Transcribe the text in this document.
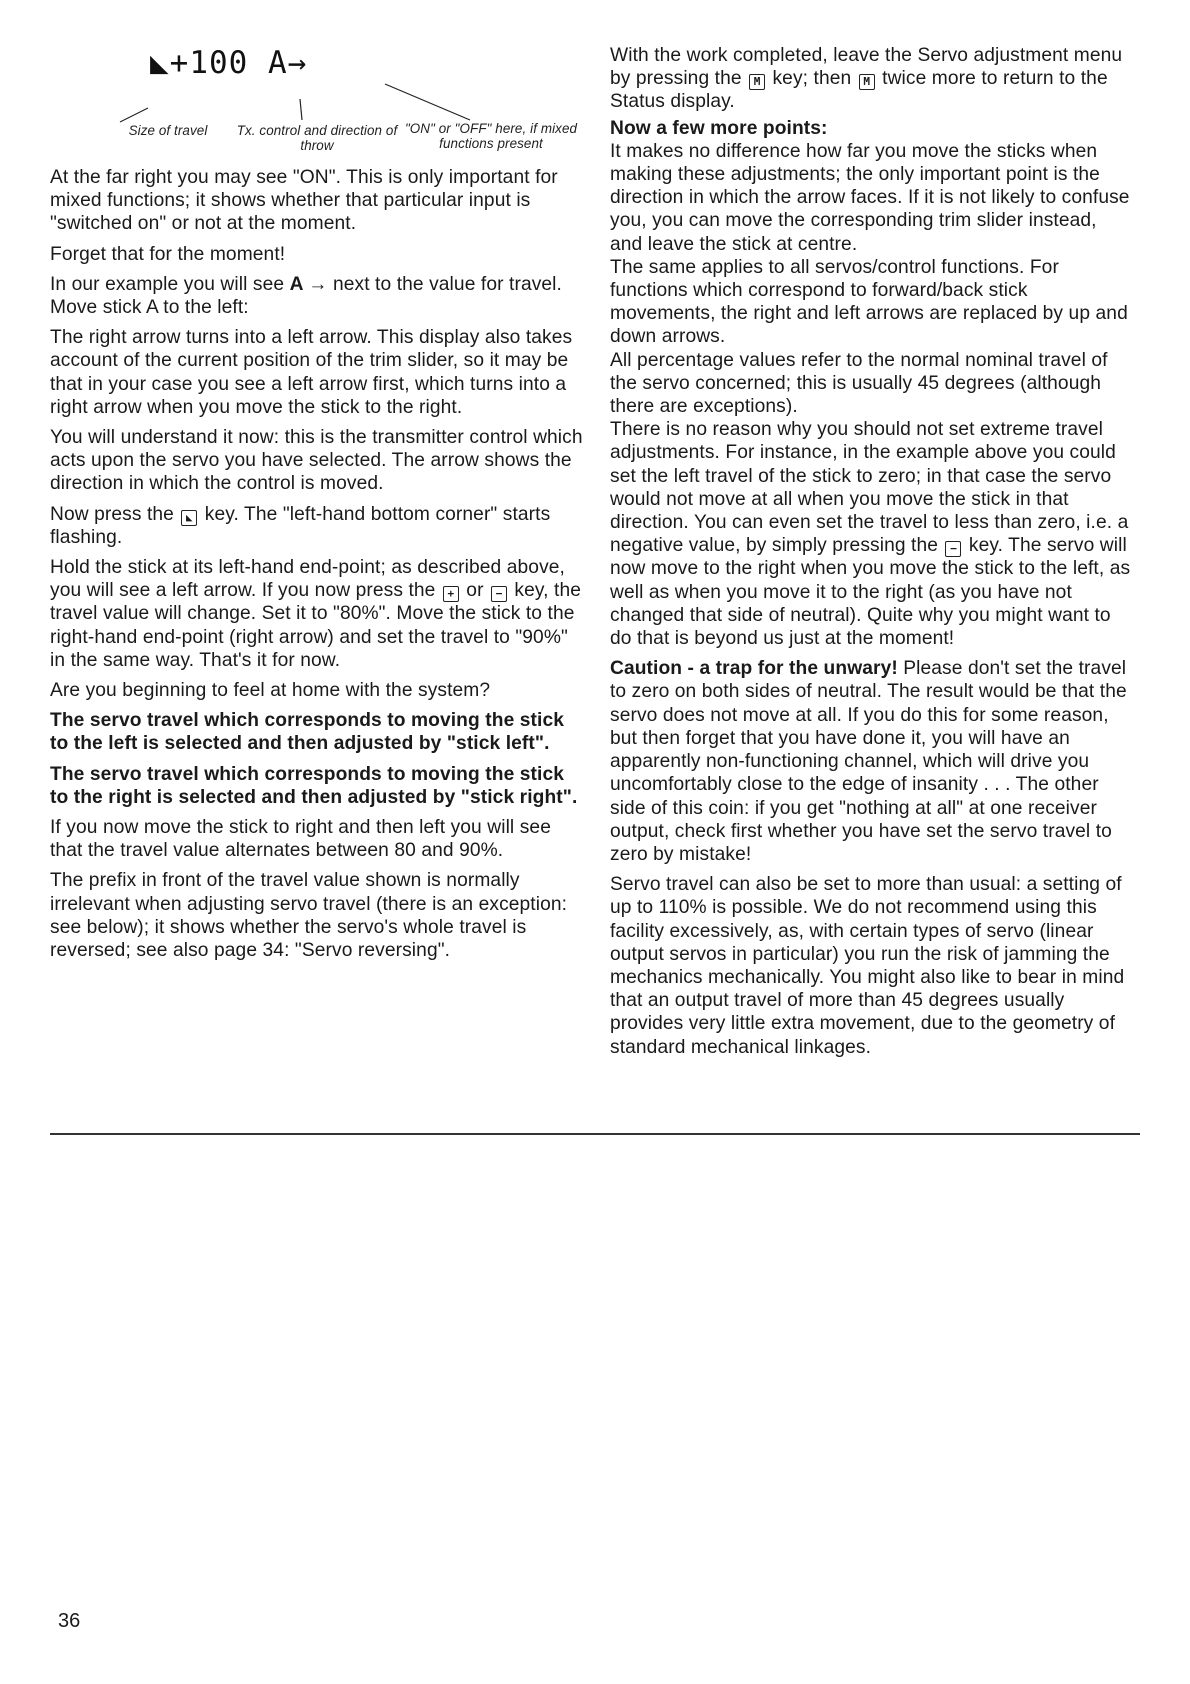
◣+100 A→
Size of travel	Tx. control and direction of throw
"ON" or "OFF" here, if mixed functions present

At the far right you may see "ON". This is only important for mixed functions; it shows whether that particular input is "switched on" or not at the moment.

Forget that for the moment!

In our example you will see A → next to the value for travel. Move stick A to the left:

The right arrow turns into a left arrow. This display also takes account of the current position of the trim slider, so it may be that in your case you see a left arrow first, which turns into a right arrow when you move the stick to the right.

You will understand it now: this is the transmitter control which acts upon the servo you have selected. The arrow shows the direction in which the control is moved.

Now press the ◣ key. The "left-hand bottom corner" starts flashing.

Hold the stick at its left-hand end-point; as described above, you will see a left arrow. If you now press the + or − key, the travel value will change. Set it to "80%". Move the stick to the right-hand end-point (right arrow) and set the travel to "90%" in the same way. That's it for now.

Are you beginning to feel at home with the system?

The servo travel which corresponds to moving the stick to the left is selected and then adjusted by "stick left".

The servo travel which corresponds to moving the stick to the right is selected and then adjusted by "stick right".

If you now move the stick to right and then left you will see that the travel value alternates between 80 and 90%.

The prefix in front of the travel value shown is normally irrelevant when adjusting servo travel (there is an exception: see below); it shows whether the servo's whole travel is reversed; see also page 34: "Servo reversing".

With the work completed, leave the Servo adjustment menu by pressing the M key; then M twice more to return to the Status display.

Now a few more points:

It makes no difference how far you move the sticks when making these adjustments; the only important point is the direction in which the arrow faces. If it is not likely to confuse you, you can move the corresponding trim slider instead, and leave the stick at centre.

The same applies to all servos/control functions. For functions which correspond to forward/back stick movements, the right and left arrows are replaced by up and down arrows.

All percentage values refer to the normal nominal travel of the servo concerned; this is usually 45 degrees (although there are exceptions).

There is no reason why you should not set extreme travel adjustments. For instance, in the example above you could set the left travel of the stick to zero; in that case the servo would not move at all when you move the stick in that direction. You can even set the travel to less than zero, i.e. a negative value, by simply pressing the − key. The servo will now move to the right when you move the stick to the left, as well as when you move it to the right (as you have not changed that side of neutral). Quite why you might want to do that is beyond us just at the moment!

Caution - a trap for the unwary! Please don't set the travel to zero on both sides of neutral. The result would be that the servo does not move at all. If you do this for some reason, but then forget that you have done it, you will have an apparently non-functioning channel, which will drive you uncomfortably close to the edge of insanity . . . The other side of this coin: if you get "nothing at all" at one receiver output, check first whether you have set the servo travel to zero by mistake!

Servo travel can also be set to more than usual: a setting of up to 110% is possible. We do not recommend using this facility excessively, as, with certain types of servo (linear output servos in particular) you run the risk of jamming the mechanics mechanically. You might also like to bear in mind that an output travel of more than 45 degrees usually provides very little extra movement, due to the geometry of standard mechanical linkages.

36
